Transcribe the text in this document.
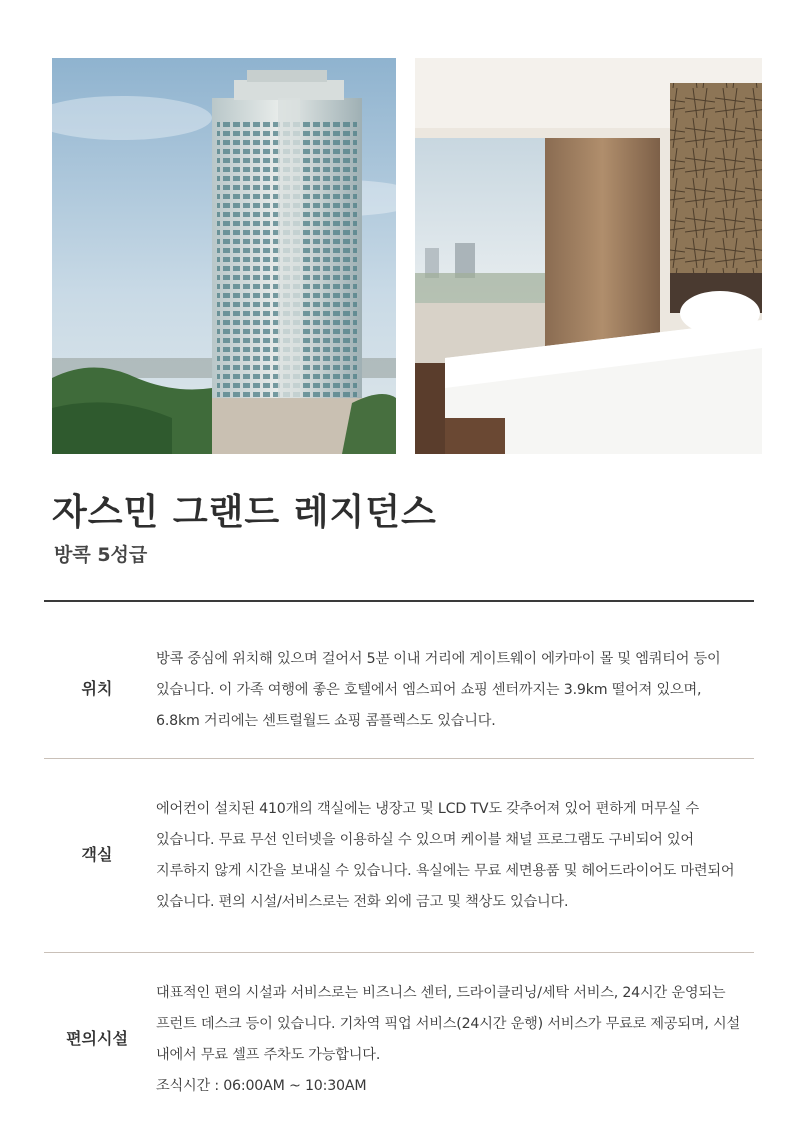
자스민 그랜드 레지던스
방콕 5성급
위치
방콕 중심에 위치해 있으며 걸어서 5분 이내 거리에 게이트웨이 에카마이 몰 및 엠쿼티어 등이 있습니다. 이 가족 여행에 좋은 호텔에서 엠스피어 쇼핑 센터까지는 3.9km 떨어져 있으며, 6.8km 거리에는 센트럴월드 쇼핑 콤플렉스도 있습니다.
객실
에어컨이 설치된 410개의 객실에는 냉장고 및 LCD TV도 갖추어져 있어 편하게 머무실 수 있습니다. 무료 무선 인터넷을 이용하실 수 있으며 케이블 채널 프로그램도 구비되어 있어 지루하지 않게 시간을 보내실 수 있습니다. 욕실에는 무료 세면용품 및 헤어드라이어도 마련되어 있습니다. 편의 시설/서비스로는 전화 외에 금고 및 책상도 있습니다.
편의시설

대표적인 편의 시설과 서비스로는 비즈니스 센터, 드라이클리닝/세탁 서비스, 24시간 운영되는 프런트 데스크 등이 있습니다. 기차역 픽업 서비스(24시간 운행) 서비스가 무료로 제공되며, 시설 내에서 무료 셀프 주차도 가능합니다.

조식시간 : 06:00AM ~ 10:30AM
